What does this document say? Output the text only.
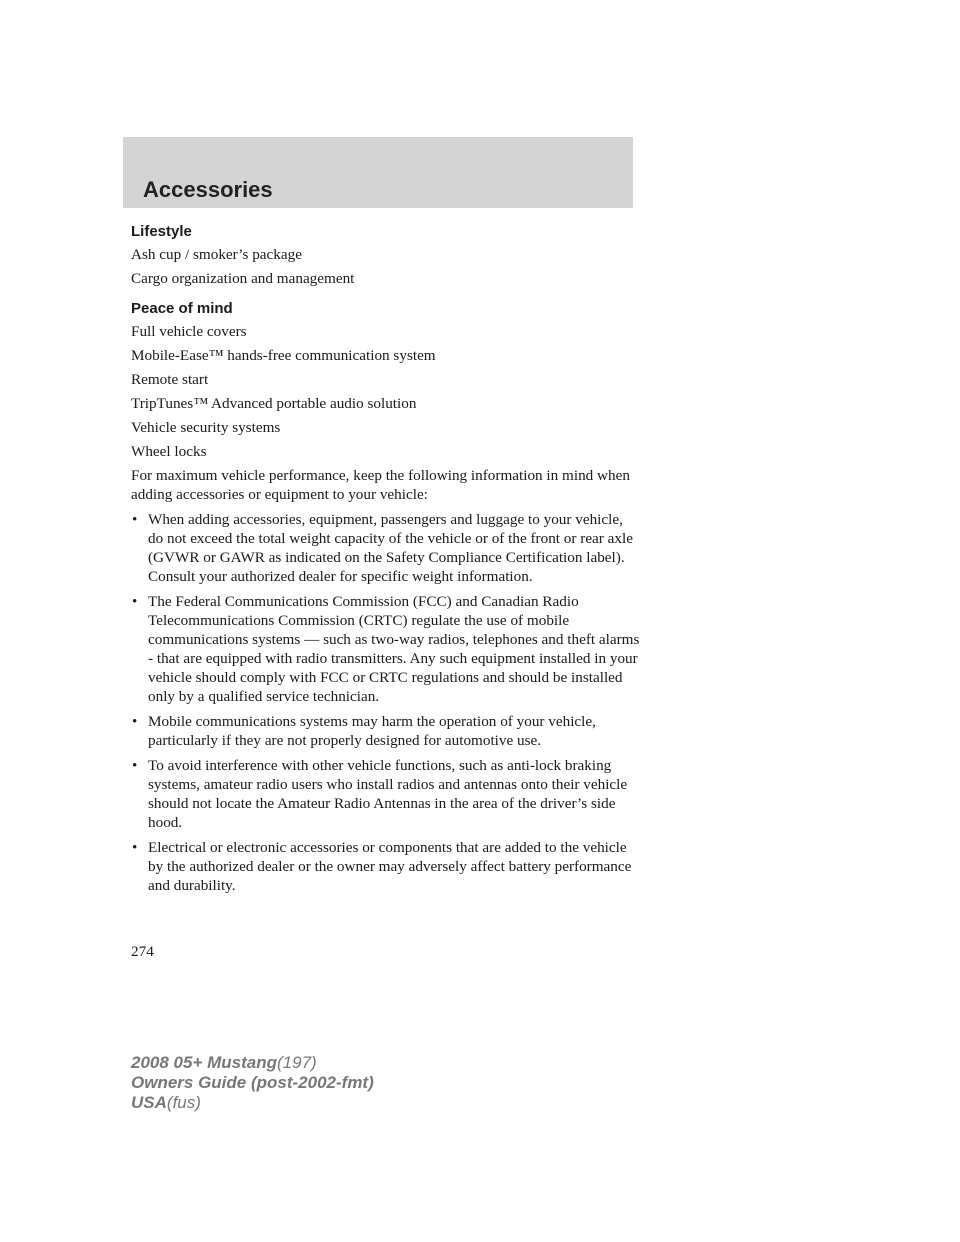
Accessories

Lifestyle

Ash cup / smoker’s package

Cargo organization and management

Peace of mind

Full vehicle covers

Mobile-Ease™ hands-free communication system

Remote start

TripTunes™ Advanced portable audio solution

Vehicle security systems

Wheel locks

For maximum vehicle performance, keep the following information in mind when adding accessories or equipment to your vehicle:

• When adding accessories, equipment, passengers and luggage to your vehicle, do not exceed the total weight capacity of the vehicle or of the front or rear axle (GVWR or GAWR as indicated on the Safety Compliance Certification label). Consult your authorized dealer for specific weight information.
• The Federal Communications Commission (FCC) and Canadian Radio Telecommunications Commission (CRTC) regulate the use of mobile communications systems — such as two-way radios, telephones and theft alarms - that are equipped with radio transmitters. Any such equipment installed in your vehicle should comply with FCC or CRTC regulations and should be installed only by a qualified service technician.
• Mobile communications systems may harm the operation of your vehicle, particularly if they are not properly designed for automotive use.
• To avoid interference with other vehicle functions, such as anti-lock braking systems, amateur radio users who install radios and antennas onto their vehicle should not locate the Amateur Radio Antennas in the area of the driver’s side hood.
• Electrical or electronic accessories or components that are added to the vehicle by the authorized dealer or the owner may adversely affect battery performance and durability.
274
2008 05+ Mustang(197)
Owners Guide (post-2002-fmt)
USA(fus)
